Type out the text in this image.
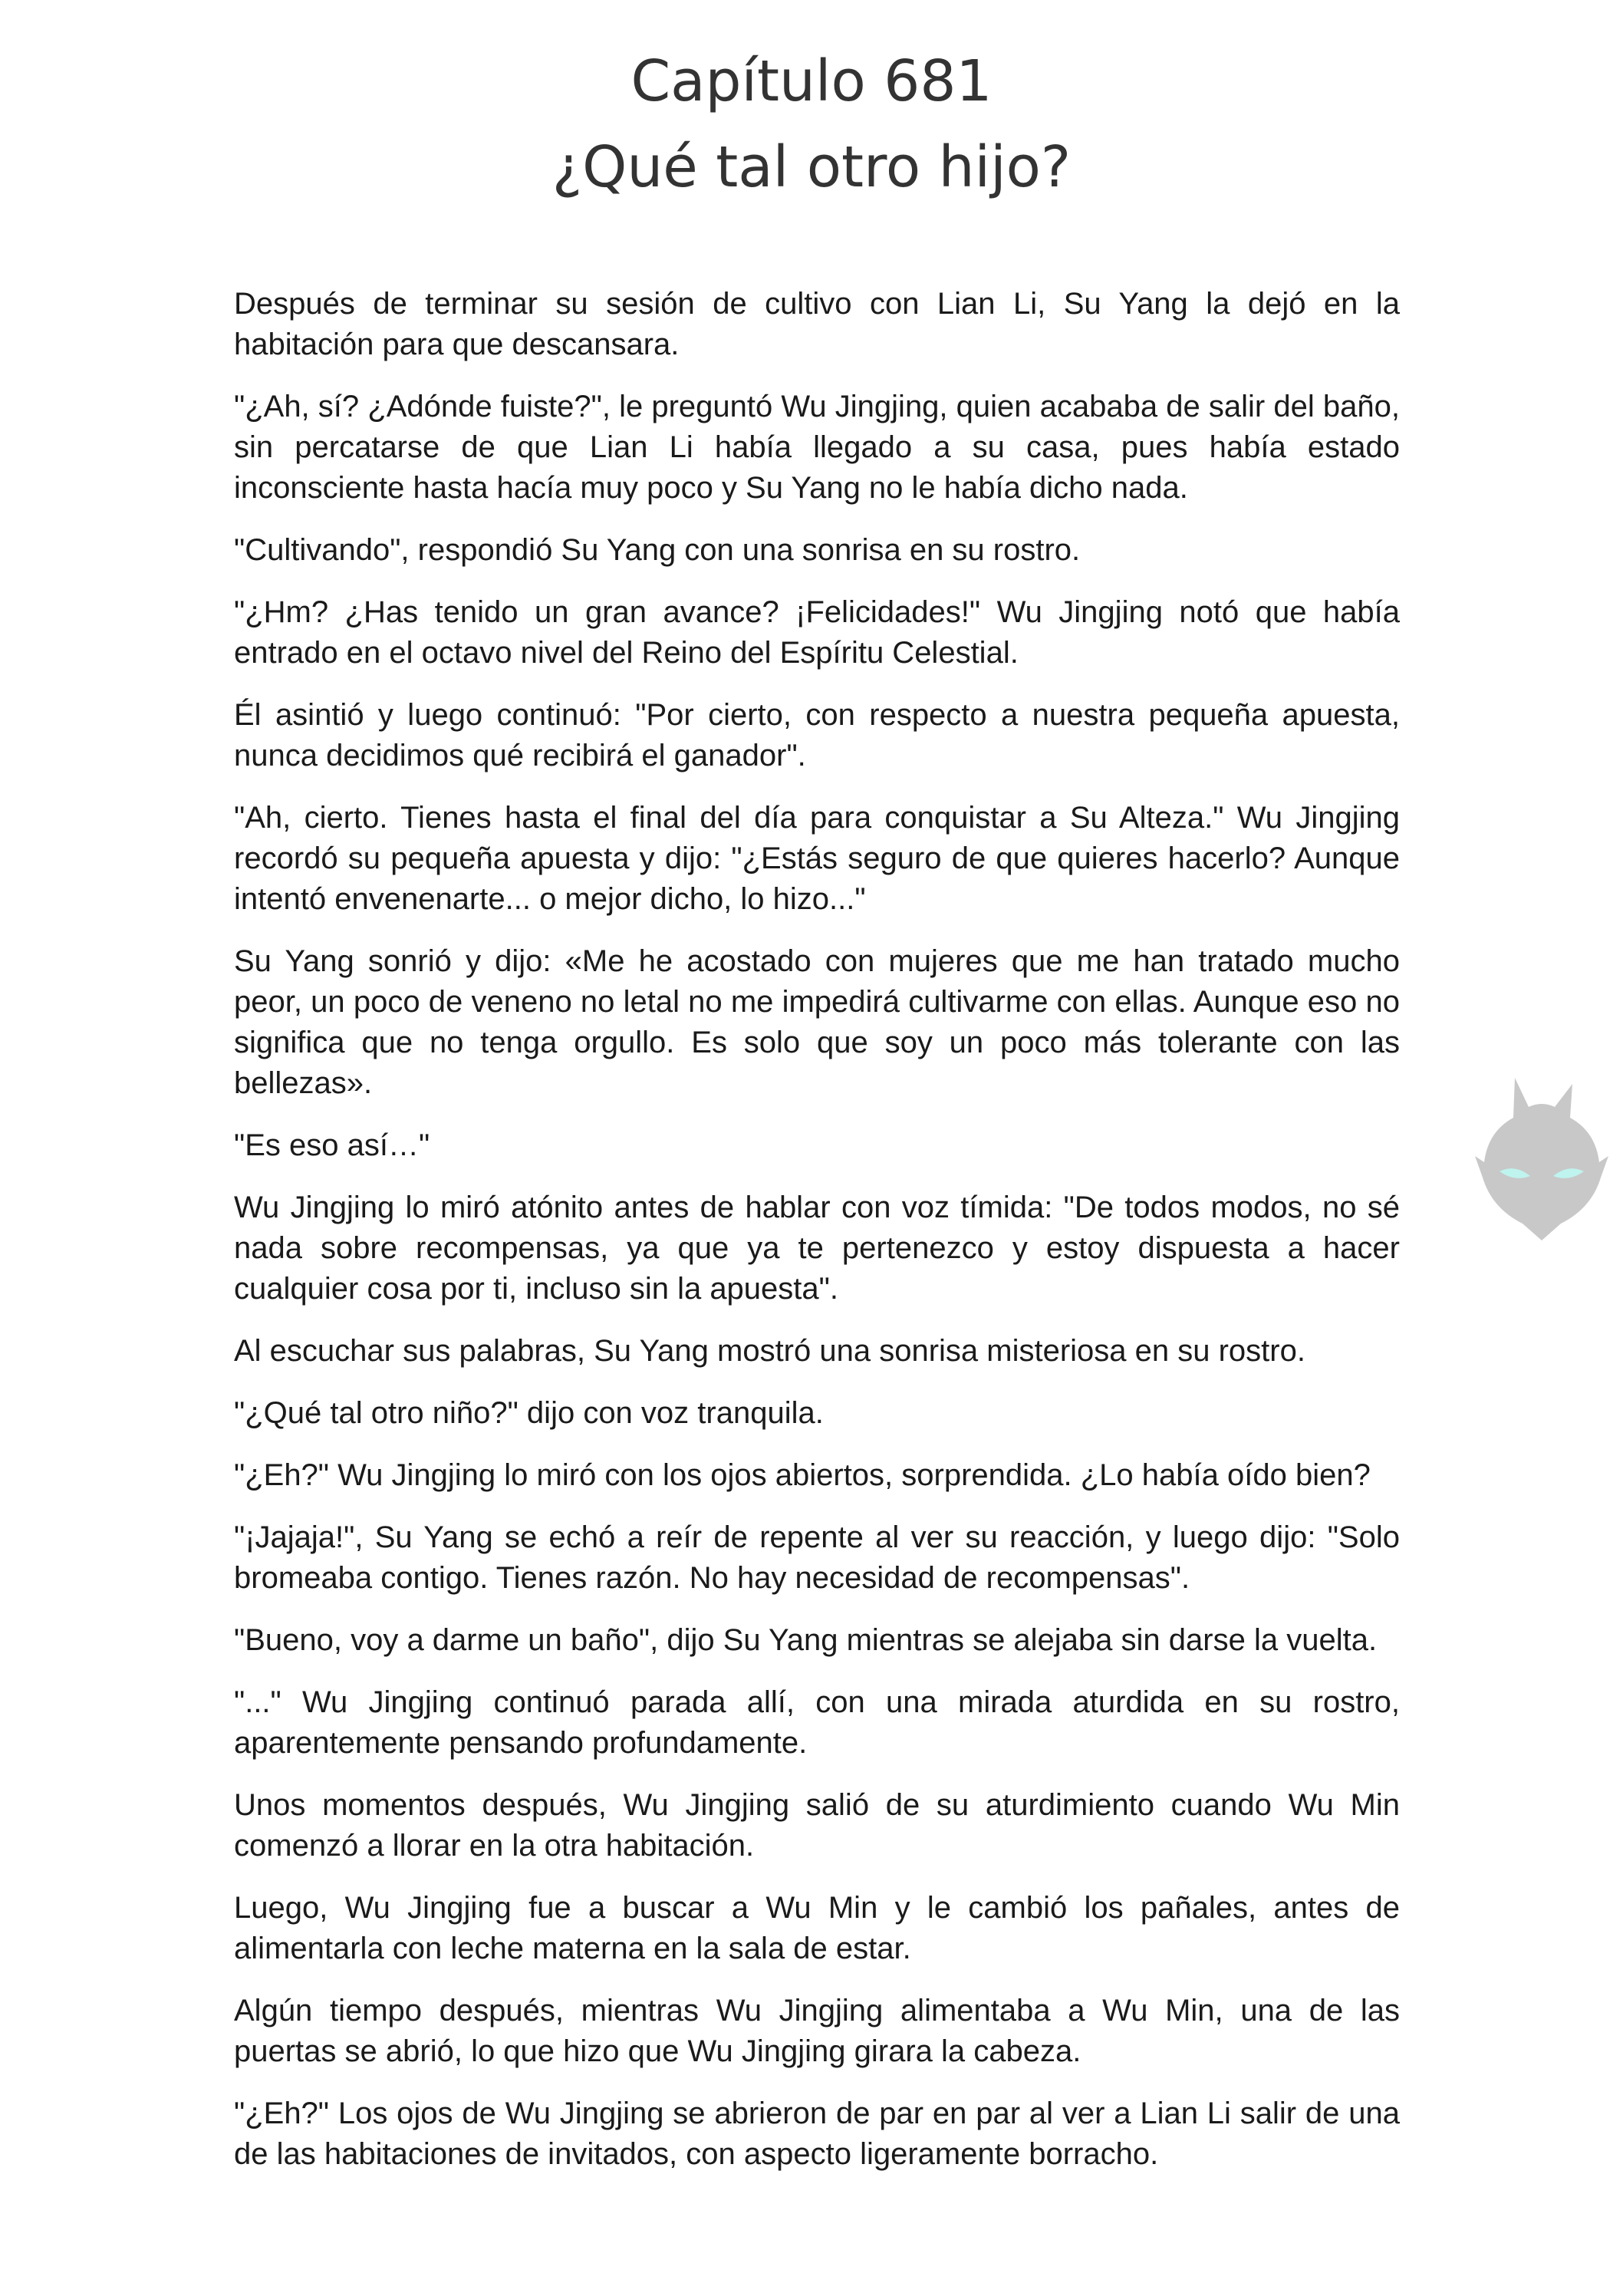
Capítulo 681
¿Qué tal otro hijo?

Después de terminar su sesión de cultivo con Lian Li, Su Yang la dejó en la habitación para que descansara.

"¿Ah, sí? ¿Adónde fuiste?", le preguntó Wu Jingjing, quien acababa de salir del baño, sin percatarse de que Lian Li había llegado a su casa, pues había estado inconsciente hasta hacía muy poco y Su Yang no le había dicho nada.

"Cultivando", respondió Su Yang con una sonrisa en su rostro.

"¿Hm? ¿Has tenido un gran avance? ¡Felicidades!" Wu Jingjing notó que había entrado en el octavo nivel del Reino del Espíritu Celestial.

Él asintió y luego continuó: "Por cierto, con respecto a nuestra pequeña apuesta, nunca decidimos qué recibirá el ganador".

"Ah, cierto. Tienes hasta el final del día para conquistar a Su Alteza." Wu Jingjing recordó su pequeña apuesta y dijo: "¿Estás seguro de que quieres hacerlo? Aunque intentó envenenarte... o mejor dicho, lo hizo..."

Su Yang sonrió y dijo: «Me he acostado con mujeres que me han tratado mucho peor, un poco de veneno no letal no me impedirá cultivarme con ellas. Aunque eso no significa que no tenga orgullo. Es solo que soy un poco más tolerante con las bellezas».

"Es eso así…"

Wu Jingjing lo miró atónito antes de hablar con voz tímida: "De todos modos, no sé nada sobre recompensas, ya que ya te pertenezco y estoy dispuesta a hacer cualquier cosa por ti, incluso sin la apuesta".

Al escuchar sus palabras, Su Yang mostró una sonrisa misteriosa en su rostro.

"¿Qué tal otro niño?" dijo con voz tranquila.

"¿Eh?" Wu Jingjing lo miró con los ojos abiertos, sorprendida. ¿Lo había oído bien?

"¡Jajaja!", Su Yang se echó a reír de repente al ver su reacción, y luego dijo: "Solo bromeaba contigo. Tienes razón. No hay necesidad de recompensas".

"Bueno, voy a darme un baño", dijo Su Yang mientras se alejaba sin darse la vuelta.

"..." Wu Jingjing continuó parada allí, con una mirada aturdida en su rostro, aparentemente pensando profundamente.

Unos momentos después, Wu Jingjing salió de su aturdimiento cuando Wu Min comenzó a llorar en la otra habitación.

Luego, Wu Jingjing fue a buscar a Wu Min y le cambió los pañales, antes de alimentarla con leche materna en la sala de estar.

Algún tiempo después, mientras Wu Jingjing alimentaba a Wu Min, una de las puertas se abrió, lo que hizo que Wu Jingjing girara la cabeza.

"¿Eh?" Los ojos de Wu Jingjing se abrieron de par en par al ver a Lian Li salir de una de las habitaciones de invitados, con aspecto ligeramente borracho.
